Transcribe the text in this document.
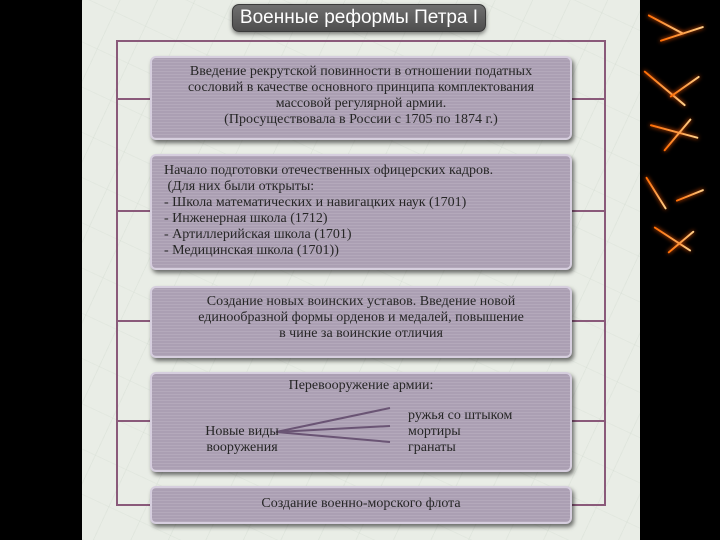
Военные реформы Петра I
Введение рекрутской повинности в отношении податных
сословий в качестве основного принципа комплектования
массовой регулярной армии.
(Просуществовала в России с 1705 по 1874 г.)
Начало подготовки отечественных офицерских кадров.
(Для них были открыты:
- Школа математических и навигацких наук (1701)
- Инженерная школа (1712)
- Артиллерийская школа (1701)
- Медицинская школа (1701))
Создание новых воинских уставов. Введение новой
единообразной формы орденов и медалей, повышение
в чине за воинские отличия
Перевооружение армии:
Новые виды
вооружения
ружья со штыком
мортиры
гранаты
Создание военно-морского флота
